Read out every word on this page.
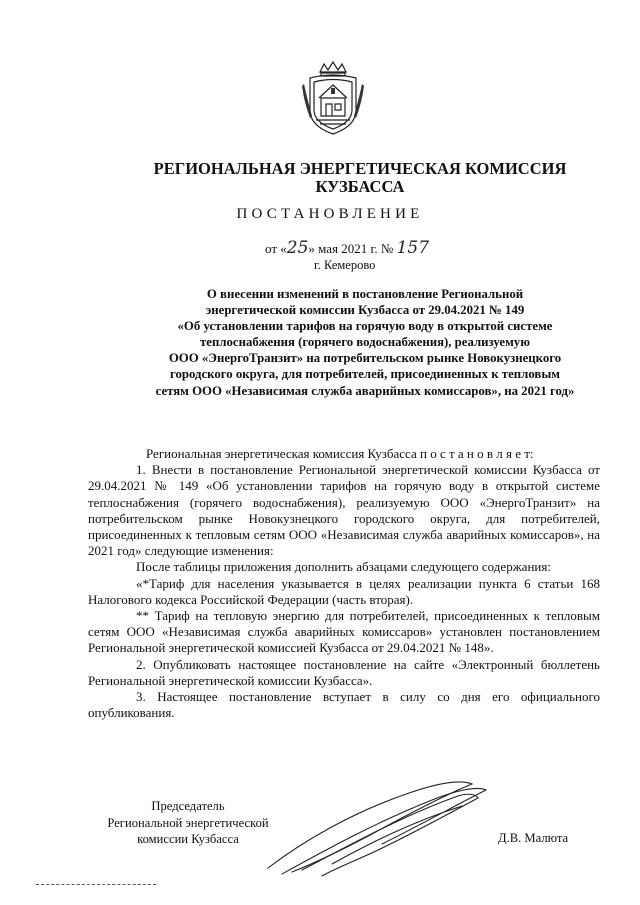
РЕГИОНАЛЬНАЯ ЭНЕРГЕТИЧЕСКАЯ КОМИССИЯ
КУЗБАССА
ПОСТАНОВЛЕНИЕ
от «25» мая 2021 г. № 157
г. Кемерово
О внесении изменений в постановление Региональной
энергетической комиссии Кузбасса от 29.04.2021 № 149
«Об установлении тарифов на горячую воду в открытой системе
теплоснабжения (горячего водоснабжения), реализуемую
ООО «ЭнергоТранзит» на потребительском рынке Новокузнецкого
городского округа, для потребителей, присоединенных к тепловым
сетям ООО «Независимая служба аварийных комиссаров», на 2021 год»

Региональная энергетическая комиссия Кузбасса п о с т а н о в л я е т:

1. Внести в постановление Региональной энергетической комиссии Кузбасса от 29.04.2021 № 149 «Об установлении тарифов на горячую воду в открытой системе теплоснабжения (горячего водоснабжения), реализуемую ООО «ЭнергоТранзит» на потребительском рынке Новокузнецкого городского округа, для потребителей, присоединенных к тепловым сетям ООО «Независимая служба аварийных комиссаров», на 2021 год» следующие изменения:

После таблицы приложения дополнить абзацами следующего содержания:

«*Тариф для населения указывается в целях реализации пункта 6 статьи 168 Налогового кодекса Российской Федерации (часть вторая).

** Тариф на тепловую энергию для потребителей, присоединенных к тепловым сетям ООО «Независимая служба аварийных комиссаров» установлен постановлением Региональной энергетической комиссией Кузбасса от 29.04.2021 № 148».

2. Опубликовать настоящее постановление на сайте «Электронный бюллетень Региональной энергетической комиссии Кузбасса».

3. Настоящее постановление вступает в силу со дня его официального опубликования.

Председатель
Региональной энергетической
комиссии Кузбасса	Д.В. Малюта
